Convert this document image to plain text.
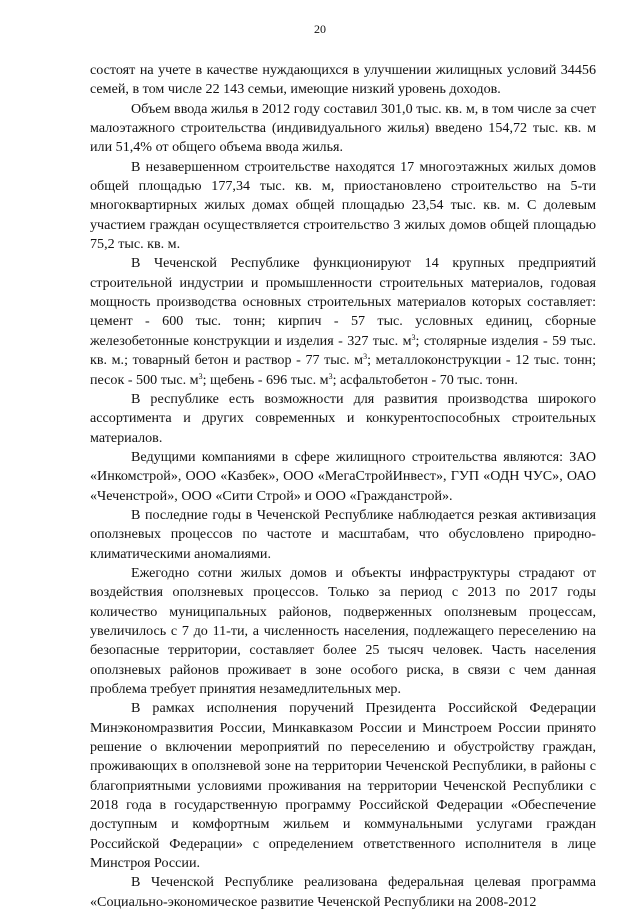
20

состоят на учете в качестве нуждающихся в улучшении жилищных условий 34456 семей, в том числе 22 143 семьи, имеющие низкий уровень доходов.

Объем ввода жилья в 2012 году составил 301,0 тыс. кв. м, в том числе за счет малоэтажного строительства (индивидуального жилья) введено 154,72 тыс. кв. м или 51,4% от общего объема ввода жилья.

В незавершенном строительстве находятся 17 многоэтажных жилых домов общей площадью 177,34 тыс. кв. м, приостановлено строительство на 5-ти многоквартирных жилых домах общей площадью 23,54 тыс. кв. м. С долевым участием граждан осуществляется строительство 3 жилых домов общей площадью 75,2 тыс. кв. м.

В Чеченской Республике функционируют 14 крупных предприятий строительной индустрии и промышленности строительных материалов, годовая мощность производства основных строительных материалов которых составляет: цемент - 600 тыс. тонн; кирпич - 57 тыс. условных единиц, сборные железобетонные конструкции и изделия - 327 тыс. $м^3$; столярные изделия - 59 тыс. кв. м.; товарный бетон и раствор - 77 тыс. $м^3$; металлоконструкции - 12 тыс. тонн; песок - 500 тыс. $м^3$; щебень - 696 тыс. $м^3$; асфальтобетон - 70 тыс. тонн.

В республике есть возможности для развития производства широкого ассортимента и других современных и конкурентоспособных строительных материалов.

Ведущими компаниями в сфере жилищного строительства являются: ЗАО «Инкомстрой», ООО «Казбек», ООО «МегаСтройИнвест», ГУП «ОДН ЧУС», ОАО «Чеченстрой», ООО «Сити Строй» и ООО «Гражданстрой».

В последние годы в Чеченской Республике наблюдается резкая активизация оползневых процессов по частоте и масштабам, что обусловлено природно-климатическими аномалиями.

Ежегодно сотни жилых домов и объекты инфраструктуры страдают от воздействия оползневых процессов. Только за период с 2013 по 2017 годы количество муниципальных районов, подверженных оползневым процессам, увеличилось с 7 до 11-ти, а численность населения, подлежащего переселению на безопасные территории, составляет более 25 тысяч человек. Часть населения оползневых районов проживает в зоне особого риска, в связи с чем данная проблема требует принятия незамедлительных мер.

В рамках исполнения поручений Президента Российской Федерации Минэкономразвития России, Минкавказом России и Минстроем России принято решение о включении мероприятий по переселению и обустройству граждан, проживающих в оползневой зоне на территории Чеченской Республики, в районы с благоприятными условиями проживания на территории Чеченской Республики с 2018 года в государственную программу Российской Федерации «Обеспечение доступным и комфортным жильем и коммунальными услугами граждан Российской Федерации» с определением ответственного исполнителя в лице Минстроя России.

В Чеченской Республике реализована федеральная целевая программа «Социально-экономическое развитие Чеченской Республики на 2008-2012
